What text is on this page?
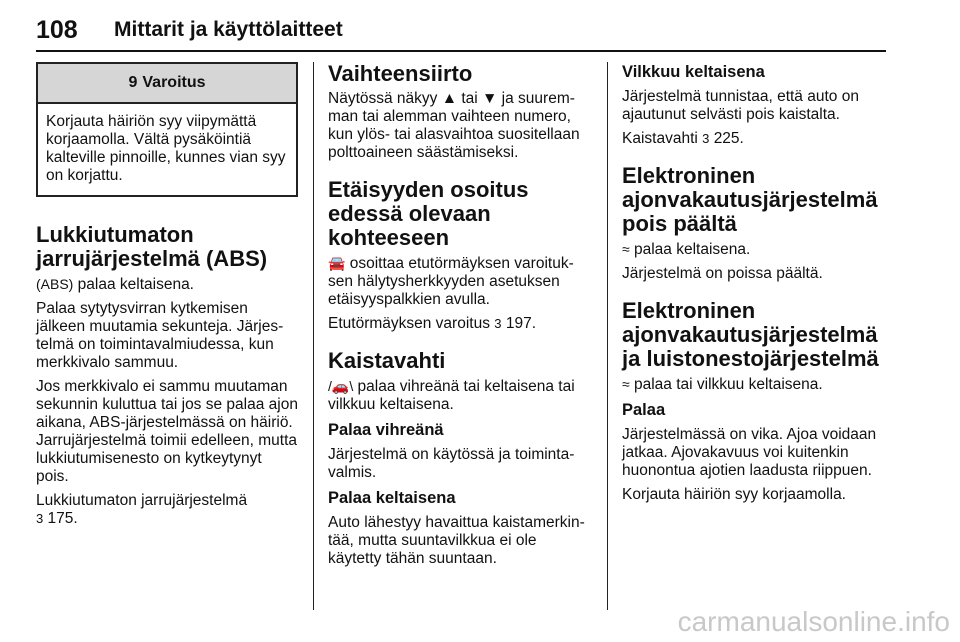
108 Mittarit ja käyttölaitteet
9 Varoitus
Korjauta häiriön syy viipymättä korjaamolla. Vältä pysäköintiä kalteville pinnoille, kunnes vian syy on korjattu.
Lukkiutumaton jarrujärjestelmä (ABS)

(ABS) palaa keltaisena.

Palaa sytytysvirran kytkemisen jälkeen muutamia sekunteja. Järjestelmä on toimintavalmiudessa, kun merkkivalo sammuu.

Jos merkkivalo ei sammu muutaman sekunnin kuluttua tai jos se palaa ajon aikana, ABS-järjestelmässä on häiriö. Jarrujärjestelmä toimii edelleen, mutta lukkiutumisenesto on kytkeytynyt pois.

Lukkiutumaton jarrujärjestelmä
3 175.

Vaihteensiirto

Näytössä näkyy ▲ tai ▼ ja suuremman tai alemman vaihteen numero, kun ylös- tai alasvaihtoa suositellaan polttoaineen säästämiseksi.

Etäisyyden osoitus edessä olevaan kohteeseen

🚘 osoittaa etutörmäyksen varoituksen hälytysherkkyyden asetuksen etäisyyspalkkien avulla.

Etutörmäyksen varoitus 3 197.

Kaistavahti

/🚗\ palaa vihreänä tai keltaisena tai vilkkuu keltaisena.

Palaa vihreänä

Järjestelmä on käytössä ja toimintavalmis.

Palaa keltaisena

Auto lähestyy havaittua kaistamerkintää, mutta suuntavilkkua ei ole käytetty tähän suuntaan.

Vilkkuu keltaisena

Järjestelmä tunnistaa, että auto on ajautunut selvästi pois kaistalta.

Kaistavahti 3 225.

Elektroninen ajonvakautusjärjestelmä pois päältä

≈ palaa keltaisena.

Järjestelmä on poissa päältä.

Elektroninen ajonvakautusjärjestelmä ja luistonestojärjestelmä

≈ palaa tai vilkkuu keltaisena.

Palaa

Järjestelmässä on vika. Ajoa voidaan jatkaa. Ajovakavuus voi kuitenkin huonontua ajotien laadusta riippuen.

Korjauta häiriön syy korjaamolla.

carmanualsonline.info
